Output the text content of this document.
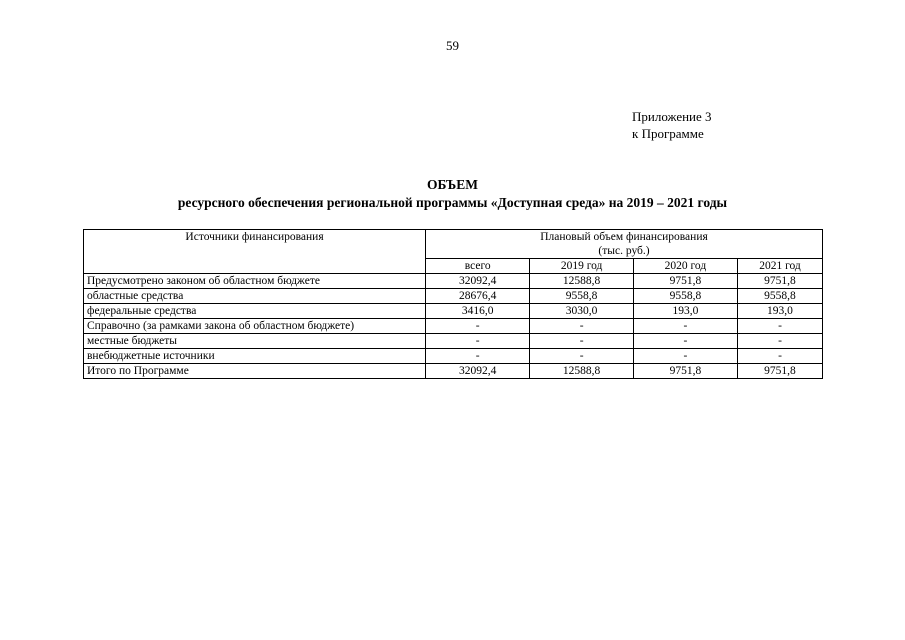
59
Приложение 3
к Программе
ОБЪЕМ
ресурсного обеспечения региональной программы «Доступная среда» на 2019 – 2021 годы
Источники финансирования	Плановый объем финансирования
(тыс. руб.)			

	всего	2019 год	2020 год	2021 год
Предусмотрено законом об областном бюджете	32092,4	12588,8	9751,8	9751,8
областные средства	28676,4	9558,8	9558,8	9558,8
федеральные средства	3416,0	3030,0	193,0	193,0
Справочно (за рамками закона об областном бюджете)	-	-	-	-
местные бюджеты	-	-	-	-
внебюджетные источники	-	-	-	-
Итого по Программе	32092,4	12588,8	9751,8	9751,8
